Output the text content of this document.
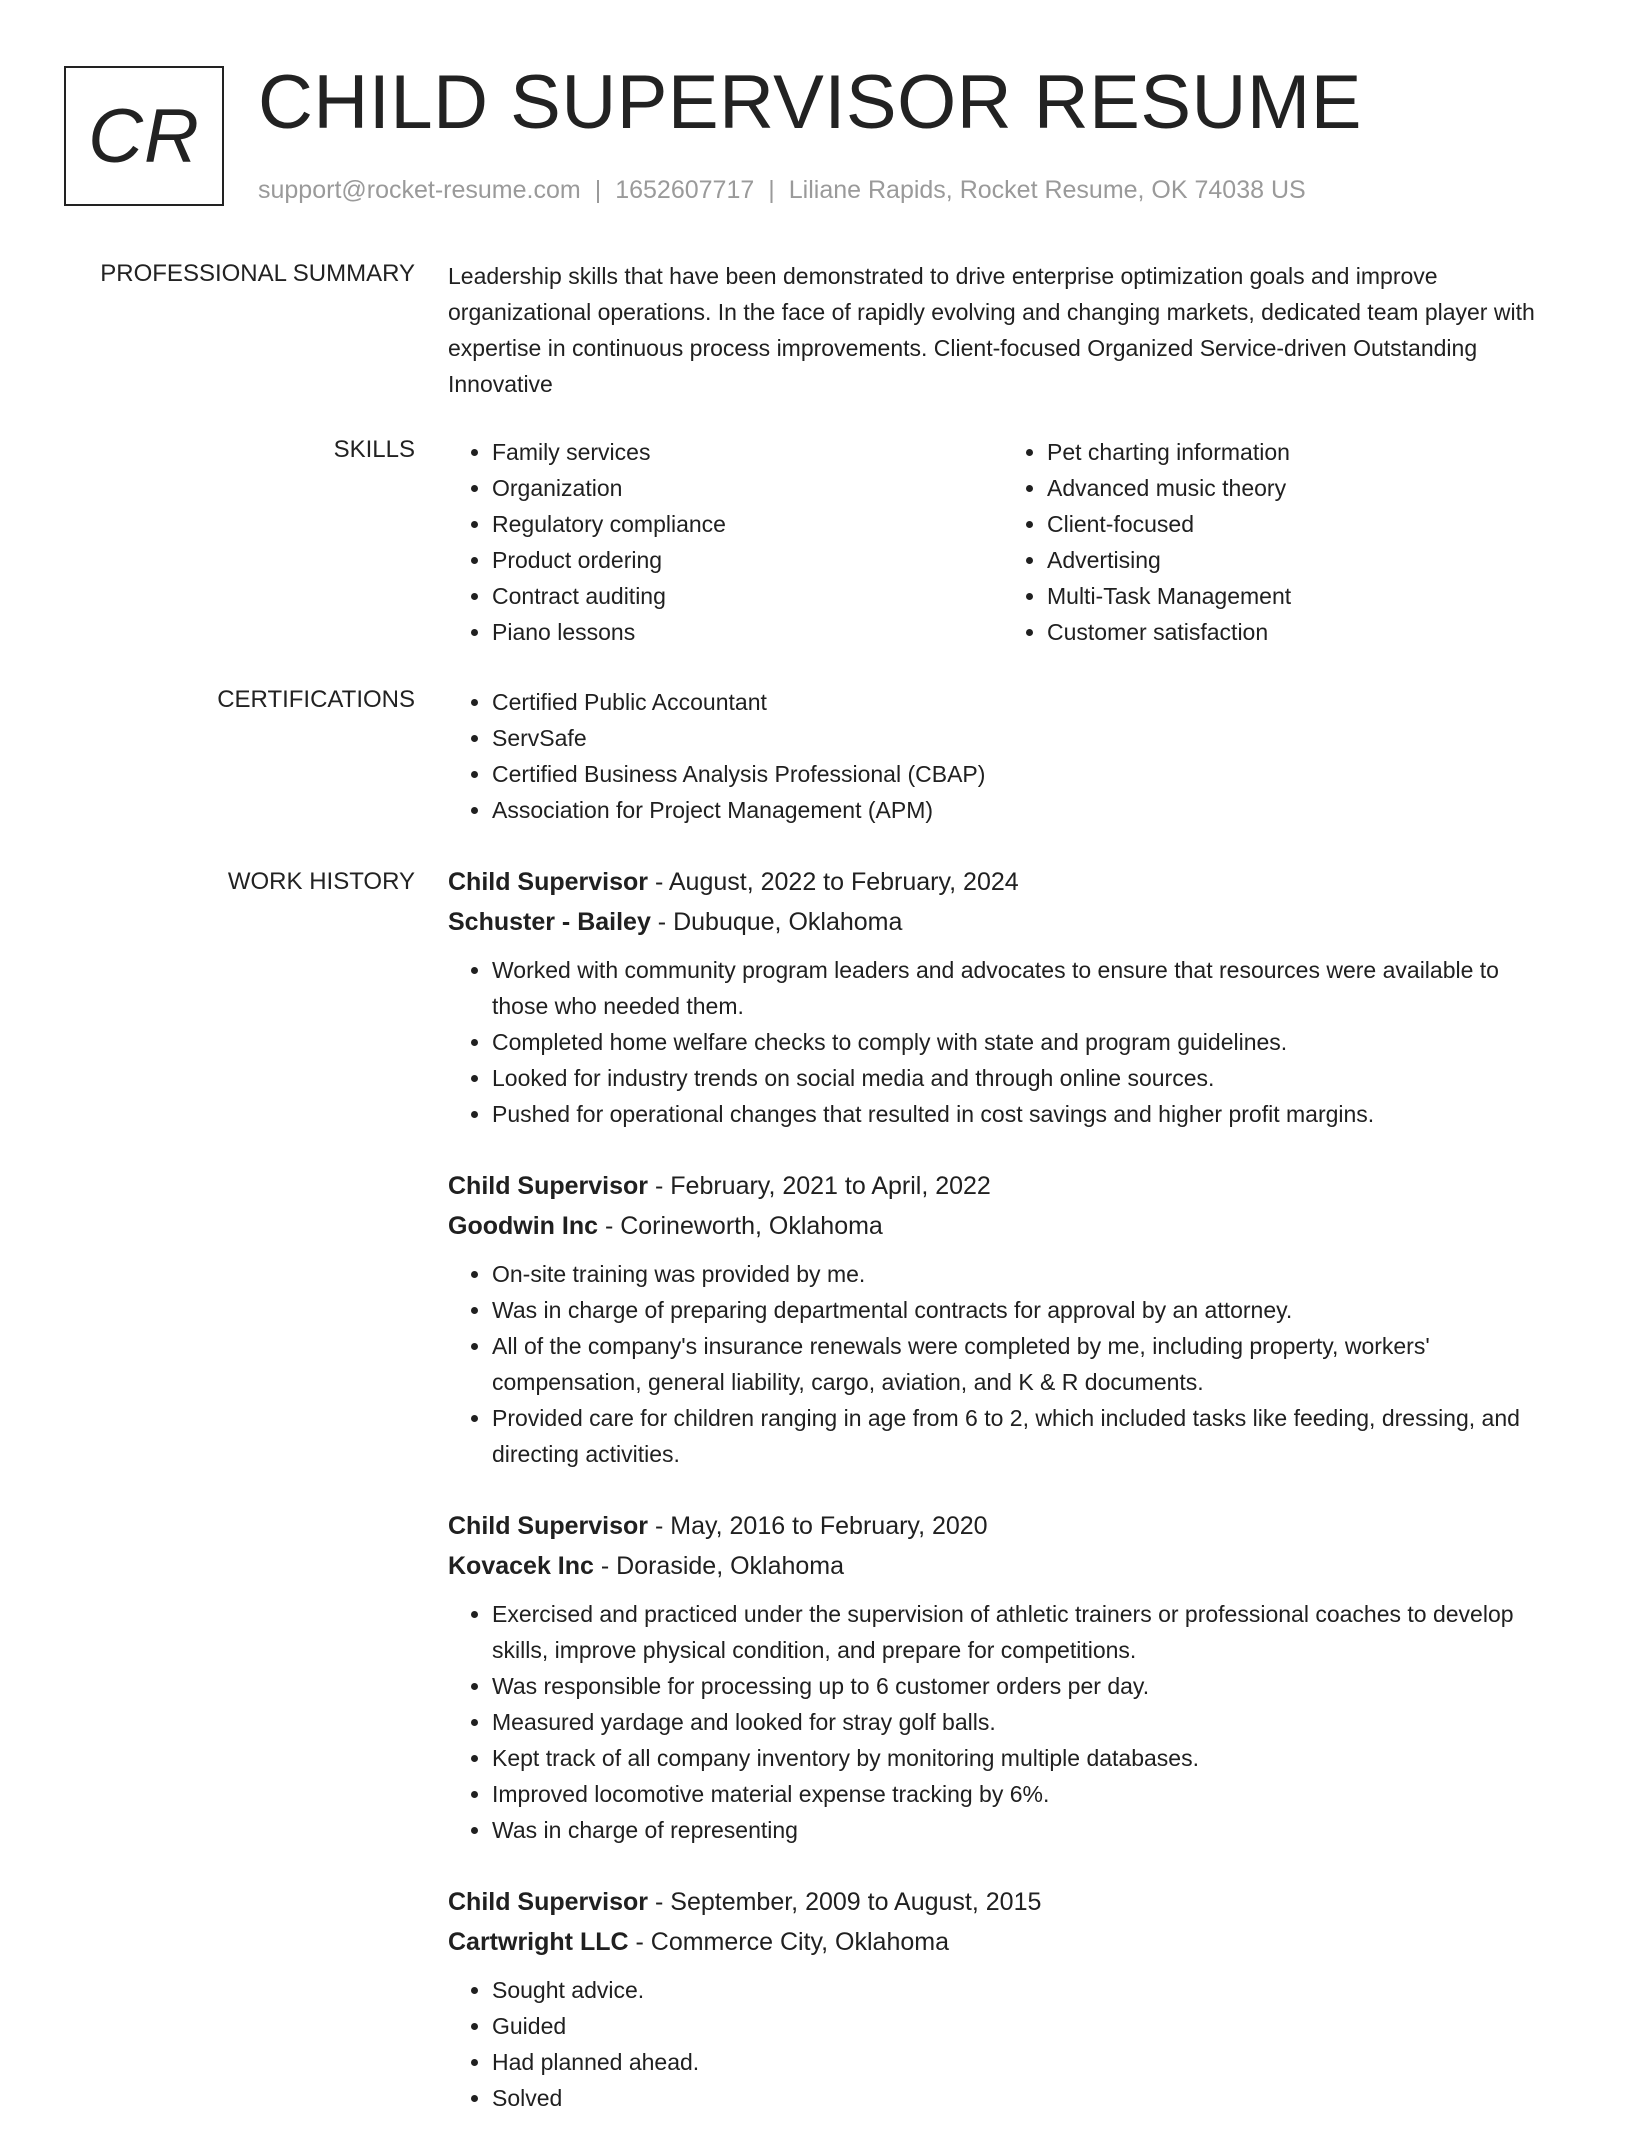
CR CHILD SUPERVISOR RESUME
support@rocket-resume.com | 1652607717 | Liliane Rapids, Rocket Resume, OK 74038 US
PROFESSIONAL SUMMARY Leadership skills that have been demonstrated to drive enterprise optimization goals and improve organizational operations. In the face of rapidly evolving and changing markets, dedicated team player with expertise in continuous process improvements. Client-focused Organized Service-driven Outstanding Innovative

SKILLS	• Family services
• Organization
• Regulatory compliance
• Product ordering
• Contract auditing
• Piano lessons
• Pet charting information
• Advanced music theory
• Client-focused
• Advertising
• Multi-Task Management
• Customer satisfaction
CERTIFICATIONS	• Certified Public Accountant
• ServSafe
• Certified Business Analysis Professional (CBAP)
• Association for Project Management (APM)
WORK HISTORY Child Supervisor - August, 2022 to February, 2024
Schuster - Bailey - Dubuque, Oklahoma
• Worked with community program leaders and advocates to ensure that resources were available to those who needed them.
• Completed home welfare checks to comply with state and program guidelines.
• Looked for industry trends on social media and through online sources.
• Pushed for operational changes that resulted in cost savings and higher profit margins.
Child Supervisor - February, 2021 to April, 2022
Goodwin Inc - Corineworth, Oklahoma
• On-site training was provided by me.
• Was in charge of preparing departmental contracts for approval by an attorney.
• All of the company's insurance renewals were completed by me, including property, workers' compensation, general liability, cargo, aviation, and K & R documents.
• Provided care for children ranging in age from 6 to 2, which included tasks like feeding, dressing, and directing activities.
Child Supervisor - May, 2016 to February, 2020
Kovacek Inc - Doraside, Oklahoma
• Exercised and practiced under the supervision of athletic trainers or professional coaches to develop skills, improve physical condition, and prepare for competitions.
• Was responsible for processing up to 6 customer orders per day.
• Measured yardage and looked for stray golf balls.
• Kept track of all company inventory by monitoring multiple databases.
• Improved locomotive material expense tracking by 6%.
• Was in charge of representing
Child Supervisor - September, 2009 to August, 2015
Cartwright LLC - Commerce City, Oklahoma
• Sought advice.
• Guided
• Had planned ahead.
• Solved
